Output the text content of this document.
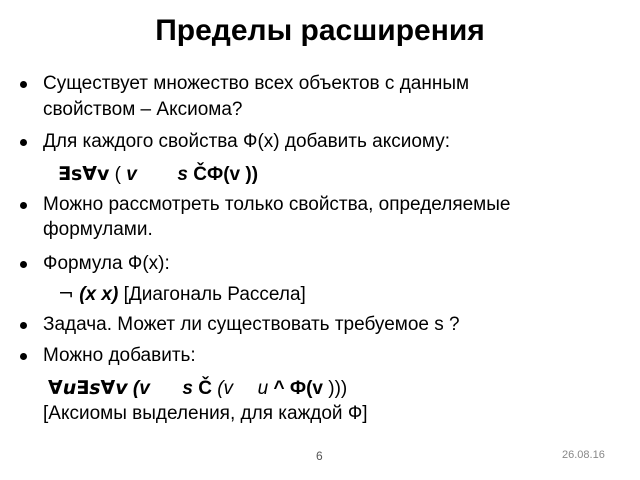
Пределы расширения
Существует множество всех объектов с данным
свойством – Аксиома?
Для каждого свойства Ф(x) добавить аксиому:
∃s∀v ( v s ČФ(v ))
Можно рассмотреть только свойства, определяемые
формулами.
Формула Ф(x):
¬ (x x) [Диагональ Рассела]
Задача. Может ли существовать требуемое s ?
Можно добавить:
∀u∃s∀v (v s Č (v u ^ Ф(v )))
[Аксиомы выделения, для каждой Ф]
6	26.08.16
